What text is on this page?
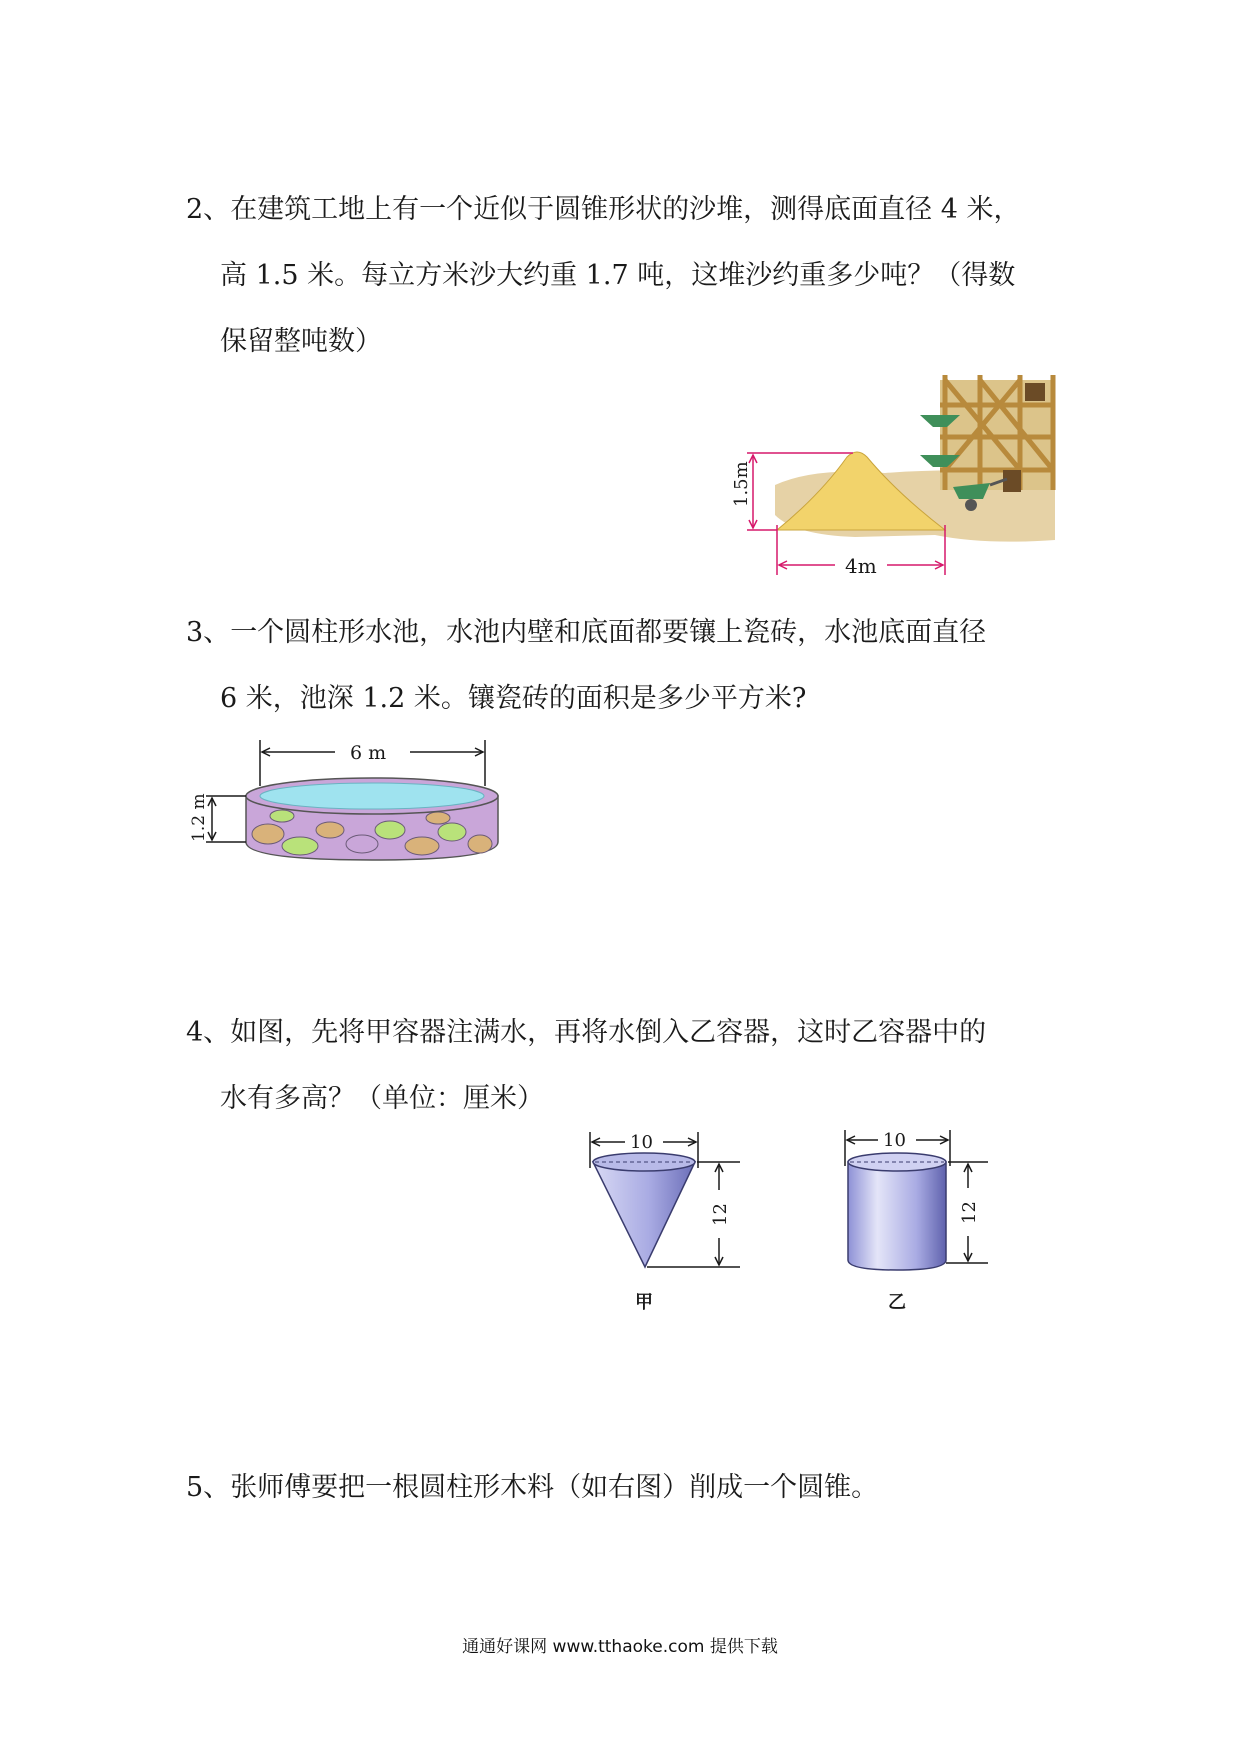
2、在建筑工地上有一个近似于圆锥形状的沙堆，测得底面直径 4 米，
高 1.5 米。每立方米沙大约重 1.7 吨，这堆沙约重多少吨？（得数
保留整吨数）
1.5m
4m
3、一个圆柱形水池，水池内壁和底面都要镶上瓷砖，水池底面直径
6 米，池深 1.2 米。镶瓷砖的面积是多少平方米?
6 m
1.2 m
4、如图，先将甲容器注满水，再将水倒入乙容器，这时乙容器中的
水有多高？（单位：厘米）
10
12
甲
10
12
乙
5、张师傅要把一根圆柱形木料（如右图）削成一个圆锥。
通通好课网 www.tthaoke.com 提供下载
